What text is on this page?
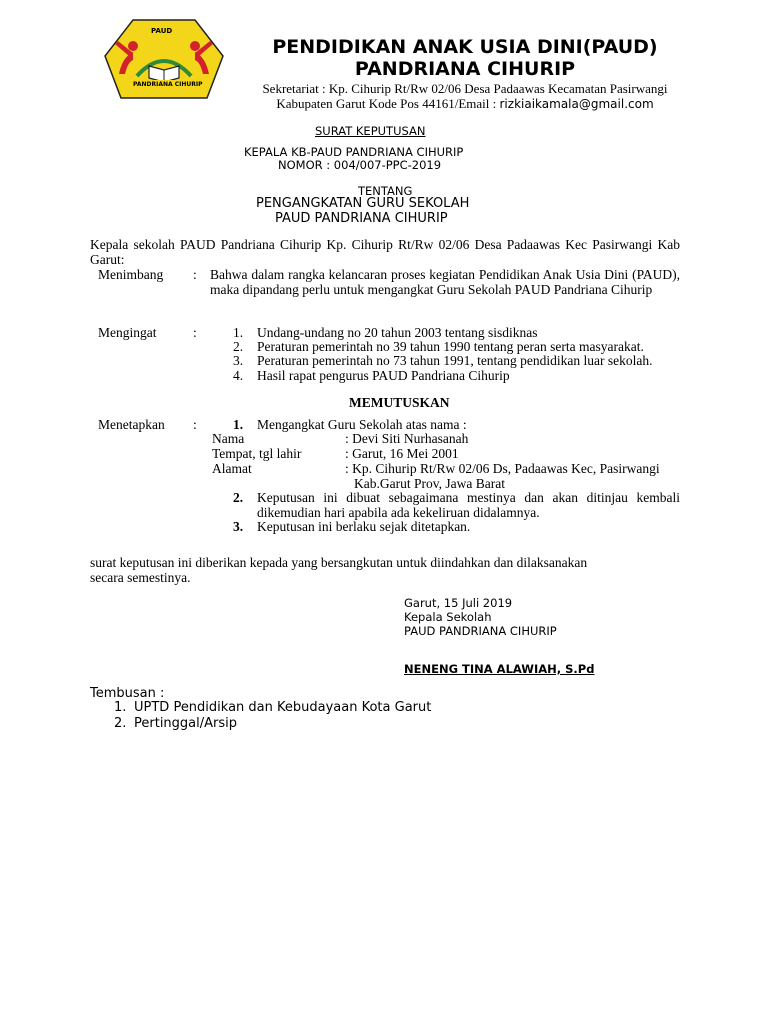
PAUD
PANDRIANA CIHURIP
PENDIDIKAN ANAK USIA DINI(PAUD)
PANDRIANA CIHURIP
Sekretariat : Kp. Cihurip Rt/Rw 02/06 Desa Padaawas Kecamatan Pasirwangi
Kabupaten Garut Kode Pos 44161/Email : rizkiaikamala@gmail.com
SURAT KEPUTUSAN
KEPALA KB-PAUD PANDRIANA CIHURIP
NOMOR : 004/007-PPC-2019
TENTANG
PENGANGKATAN GURU SEKOLAH
PAUD PANDRIANA CIHURIP
Kepala sekolah PAUD Pandriana Cihurip Kp. Cihurip Rt/Rw 02/06 Desa Padaawas Kec Pasirwangi Kab Garut:
Menimbang : Bahwa dalam rangka kelancaran proses kegiatan Pendidikan Anak Usia Dini (PAUD), maka dipandang perlu untuk mengangkat Guru Sekolah PAUD Pandriana Cihurip
Mengingat	:	1. Undang-undang no 20 tahun 2003 tentang sisdiknas
2. Peraturan pemerintah no 39 tahun 1990 tentang peran serta masyarakat.
3. Peraturan pemerintah no 73 tahun 1991, tentang pendidikan luar sekolah.
4. Hasil rapat pengurus PAUD Pandriana Cihurip
MEMUTUSKAN
Menetapkan :	1. Mengangkat Guru Sekolah atas nama :
Nama	: Devi Siti Nurhasanah
Tempat, tgl lahir	: Garut, 16 Mei 2001
Alamat	: Kp. Cihurip Rt/Rw 02/06 Ds, Padaawas Kec, Pasirwangi
Kab.Garut Prov, Jawa Barat
2. Keputusan ini dibuat sebagaimana mestinya dan akan ditinjau kembali dikemudian hari apabila ada kekeliruan didalamnya.
3. Keputusan ini berlaku sejak ditetapkan.
surat keputusan ini diberikan kepada yang bersangkutan untuk diindahkan dan dilaksanakan
secara semestinya.
Garut, 15 Juli 2019
Kepala Sekolah
PAUD PANDRIANA CIHURIP
NENENG TINA ALAWIAH, S.Pd
Tembusan :
1. UPTD Pendidikan dan Kebudayaan Kota Garut
2. Pertinggal/Arsip
